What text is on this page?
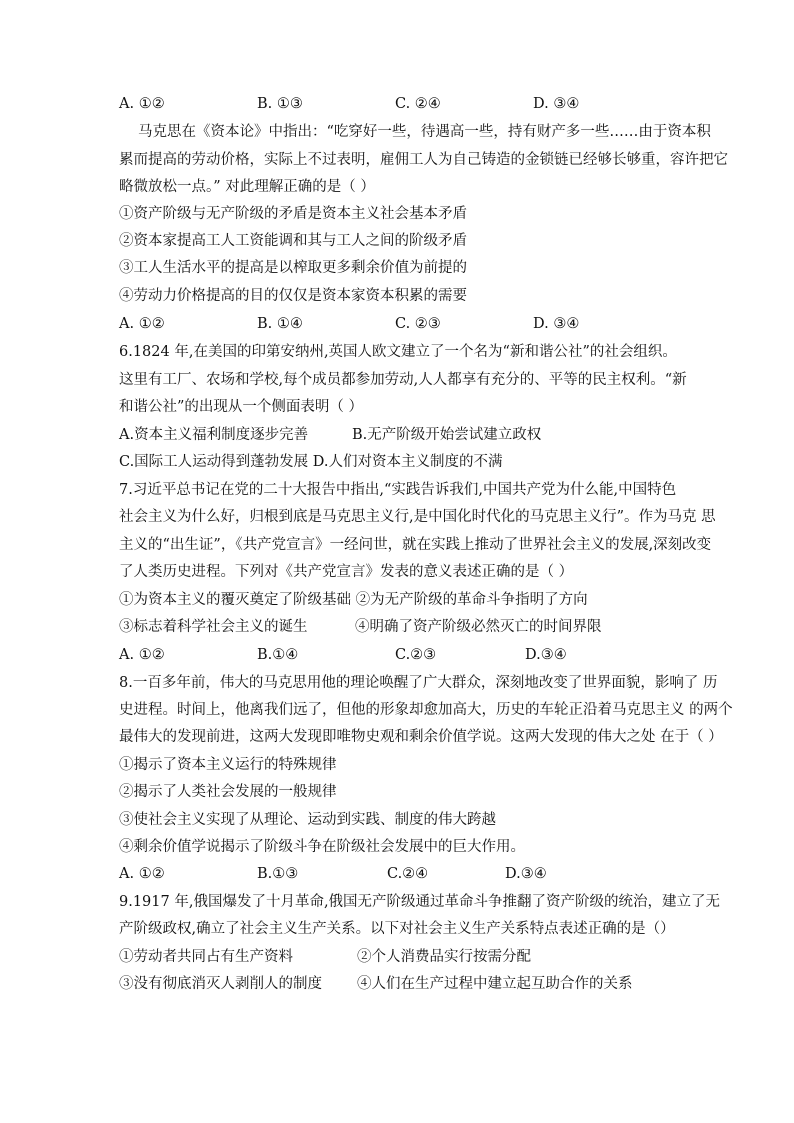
A. ①②	B. ①③	C. ②④	D. ③④
马克思在《资本论》中指出：“吃穿好一些，待遇高一些，持有财产多一些……由于资本积
累而提高的劳动价格，实际上不过表明，雇佣工人为自己铸造的金锁链已经够长够重，容许把它
略微放松一点。” 对此理解正确的是（ ）
①资产阶级与无产阶级的矛盾是资本主义社会基本矛盾
②资本家提高工人工资能调和其与工人之间的阶级矛盾
③工人生活水平的提高是以榨取更多剩余价值为前提的
④劳动力价格提高的目的仅仅是资本家资本积累的需要
A. ①②	B. ①④	C. ②③	D. ③④
6.1824 年,在美国的印第安纳州,英国人欧文建立了一个名为“新和谐公社”的社会组织。
这里有工厂、农场和学校,每个成员都参加劳动,人人都享有充分的、平等的民主权利。“新
和谐公社”的出现从一个侧面表明（ ）
A.资本主义福利制度逐步完善	B.无产阶级开始尝试建立政权
C.国际工人运动得到蓬勃发展 D.人们对资本主义制度的不满
7.习近平总书记在党的二十大报告中指出,“实践告诉我们,中国共产党为什么能,中国特色
社会主义为什么好，归根到底是马克思主义行,是中国化时代化的马克思主义行”。作为马克 思
主义的“出生证”，《共产党宣言》一经问世，就在实践上推动了世界社会主义的发展,深刻改变
了人类历史进程。下列对《共产党宣言》发表的意义表述正确的是（ ）
①为资本主义的覆灭奠定了阶级基础 ②为无产阶级的革命斗争指明了方向
③标志着科学社会主义的诞生	④明确了资产阶级必然灭亡的时间界限
A. ①②	B.①④	C.②③	D.③④
8.一百多年前，伟大的马克思用他的理论唤醒了广大群众，深刻地改变了世界面貌，影响了 历
史进程。时间上，他离我们远了，但他的形象却愈加高大，历史的车轮正沿着马克思主义 的两个
最伟大的发现前进，这两大发现即唯物史观和剩余价值学说。这两大发现的伟大之处 在于（ ）
①揭示了资本主义运行的特殊规律
②揭示了人类社会发展的一般规律
③使社会主义实现了从理论、运动到实践、制度的伟大跨越
④剩余价值学说揭示了阶级斗争在阶级社会发展中的巨大作用。
A. ①②	B.①③	C.②④	D.③④
9.1917 年,俄国爆发了十月革命,俄国无产阶级通过革命斗争推翻了资产阶级的统治，建立了无
产阶级政权,确立了社会主义生产关系。以下对社会主义生产关系特点表述正确的是（）
①劳动者共同占有生产资料	②个人消费品实行按需分配
③没有彻底消灭人剥削人的制度 ④人们在生产过程中建立起互助合作的关系
